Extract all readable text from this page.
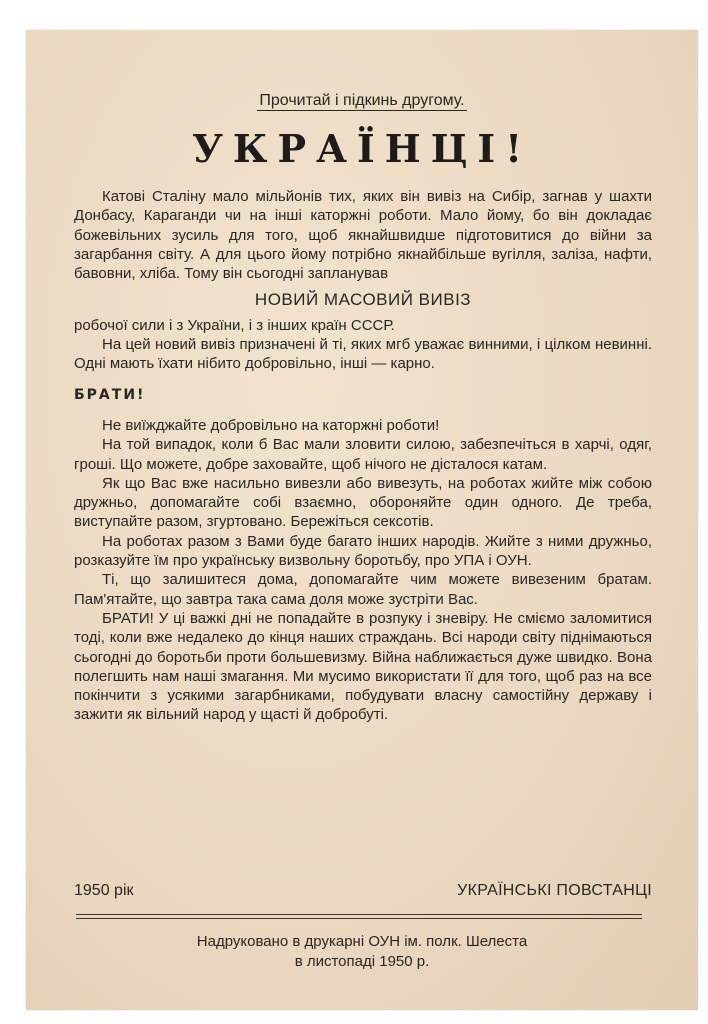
Прочитай і підкинь другому.
УКРАЇНЦІ!

Катові Сталіну мало мільйонів тих, яких він вивіз на Сибір, загнав у шахти Донбасу, Караганди чи на інші каторжні роботи. Мало йому, бо він докладає божевільних зусиль для того, щоб якнайшвидше підготовитися до війни за загарбання світу. А для цього йому потрібно якнайбільше вугілля, заліза, нафти, бавовни, хліба. Тому він сьогодні запланував

НОВИЙ МАСОВИЙ ВИВІЗ

робочої сили і з України, і з інших країн СССР.

На цей новий вивіз призначені й ті, яких мгб уважає винними, і цілком невинні. Одні мають їхати нібито добровільно, інші — карно.

БРАТИ!

Не виїжджайте добровільно на каторжні роботи!

На той випадок, коли б Вас мали зловити силою, забезпечіться в харчі, одяг, гроші. Що можете, добре заховайте, щоб нічого не дісталося катам.

Як що Вас вже насильно вивезли або вивезуть, на роботах жийте між собою дружньо, допомагайте собі взаємно, обороняйте один одного. Де треба, виступайте разом, згуртовано. Бережіться сексотів.

На роботах разом з Вами буде багато інших народів. Жийте з ними дружньо, розказуйте їм про українську визвольну боротьбу, про УПА і ОУН.

Ті, що залишитеся дома, допомагайте чим можете вивезеним братам. Пам'ятайте, що завтра така сама доля може зустріти Вас.

БРАТИ! У ці важкі дні не попадайте в розпуку і зневіру. Не сміємо заломитися тоді, коли вже недалеко до кінця наших страждань. Всі народи світу піднімаються сьогодні до боротьби проти большевизму. Війна наближається дуже швидко. Вона полегшить нам наші змагання. Ми мусимо використати її для того, щоб раз на все покінчити з усякими загарбниками, побудувати власну самостійну державу і зажити як вільний народ у щасті й добробуті.

1950 рік	УКРАЇНСЬКІ ПОВСТАНЦІ
Надруковано в друкарні ОУН ім. полк. Шелеста
в листопаді 1950 р.
